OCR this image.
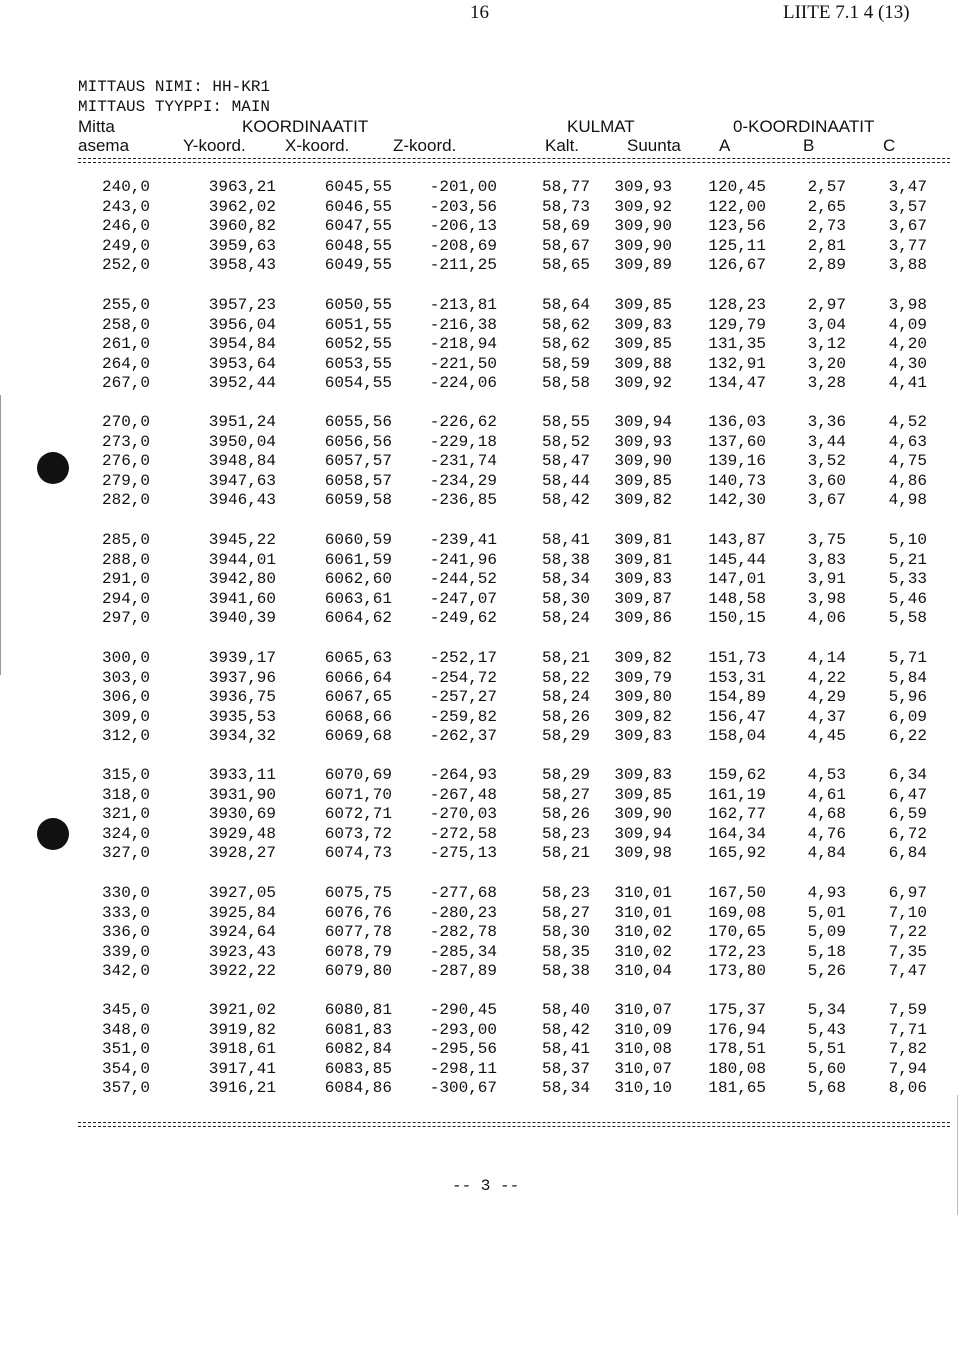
16	LIITE 7.1 4 (13)
MITTAUS NIMI: HH-KR1
MITTAUS TYYPPI: MAIN
Mitta	KOORDINAATIT	KULMAT	0-KOORDINAATIT
asema	Y-koord. X-koord.	Z-koord.	Kalt.	Suunta A	B	C
240,0	3963,21	6045,55	-201,00	58,77	309,93	120,45	2,57	3,47
243,0	3962,02	6046,55	-203,56	58,73	309,92	122,00	2,65	3,57
246,0	3960,82	6047,55	-206,13	58,69	309,90	123,56	2,73	3,67
249,0	3959,63	6048,55	-208,69	58,67	309,90	125,11	2,81	3,77
252,0	3958,43	6049,55	-211,25	58,65	309,89	126,67	2,89	3,88
255,0	3957,23	6050,55	-213,81	58,64	309,85	128,23	2,97	3,98
258,0	3956,04	6051,55	-216,38	58,62	309,83	129,79	3,04	4,09
261,0	3954,84	6052,55	-218,94	58,62	309,85	131,35	3,12	4,20
264,0	3953,64	6053,55	-221,50	58,59	309,88	132,91	3,20	4,30
267,0	3952,44	6054,55	-224,06	58,58	309,92	134,47	3,28	4,41
270,0	3951,24	6055,56	-226,62	58,55	309,94	136,03	3,36	4,52
273,0	3950,04	6056,56	-229,18	58,52	309,93	137,60	3,44	4,63
276,0	3948,84	6057,57	-231,74	58,47	309,90	139,16	3,52	4,75
279,0	3947,63	6058,57	-234,29	58,44	309,85	140,73	3,60	4,86
282,0	3946,43	6059,58	-236,85	58,42	309,82	142,30	3,67	4,98
285,0	3945,22	6060,59	-239,41	58,41	309,81	143,87	3,75	5,10
288,0	3944,01	6061,59	-241,96	58,38	309,81	145,44	3,83	5,21
291,0	3942,80	6062,60	-244,52	58,34	309,83	147,01	3,91	5,33
294,0	3941,60	6063,61	-247,07	58,30	309,87	148,58	3,98	5,46
297,0	3940,39	6064,62	-249,62	58,24	309,86	150,15	4,06	5,58
300,0	3939,17	6065,63	-252,17	58,21	309,82	151,73	4,14	5,71
303,0	3937,96	6066,64	-254,72	58,22	309,79	153,31	4,22	5,84
306,0	3936,75	6067,65	-257,27	58,24	309,80	154,89	4,29	5,96
309,0	3935,53	6068,66	-259,82	58,26	309,82	156,47	4,37	6,09
312,0	3934,32	6069,68	-262,37	58,29	309,83	158,04	4,45	6,22
315,0	3933,11	6070,69	-264,93	58,29	309,83	159,62	4,53	6,34
318,0	3931,90	6071,70	-267,48	58,27	309,85	161,19	4,61	6,47
321,0	3930,69	6072,71	-270,03	58,26	309,90	162,77	4,68	6,59
324,0	3929,48	6073,72	-272,58	58,23	309,94	164,34	4,76	6,72
327,0	3928,27	6074,73	-275,13	58,21	309,98	165,92	4,84	6,84
330,0	3927,05	6075,75	-277,68	58,23	310,01	167,50	4,93	6,97
333,0	3925,84	6076,76	-280,23	58,27	310,01	169,08	5,01	7,10
336,0	3924,64	6077,78	-282,78	58,30	310,02	170,65	5,09	7,22
339,0	3923,43	6078,79	-285,34	58,35	310,02	172,23	5,18	7,35
342,0	3922,22	6079,80	-287,89	58,38	310,04	173,80	5,26	7,47
345,0	3921,02	6080,81	-290,45	58,40	310,07	175,37	5,34	7,59
348,0	3919,82	6081,83	-293,00	58,42	310,09	176,94	5,43	7,71
351,0	3918,61	6082,84	-295,56	58,41	310,08	178,51	5,51	7,82
354,0	3917,41	6083,85	-298,11	58,37	310,07	180,08	5,60	7,94
357,0	3916,21	6084,86	-300,67	58,34	310,10	181,65	5,68	8,06
-- 3 --
